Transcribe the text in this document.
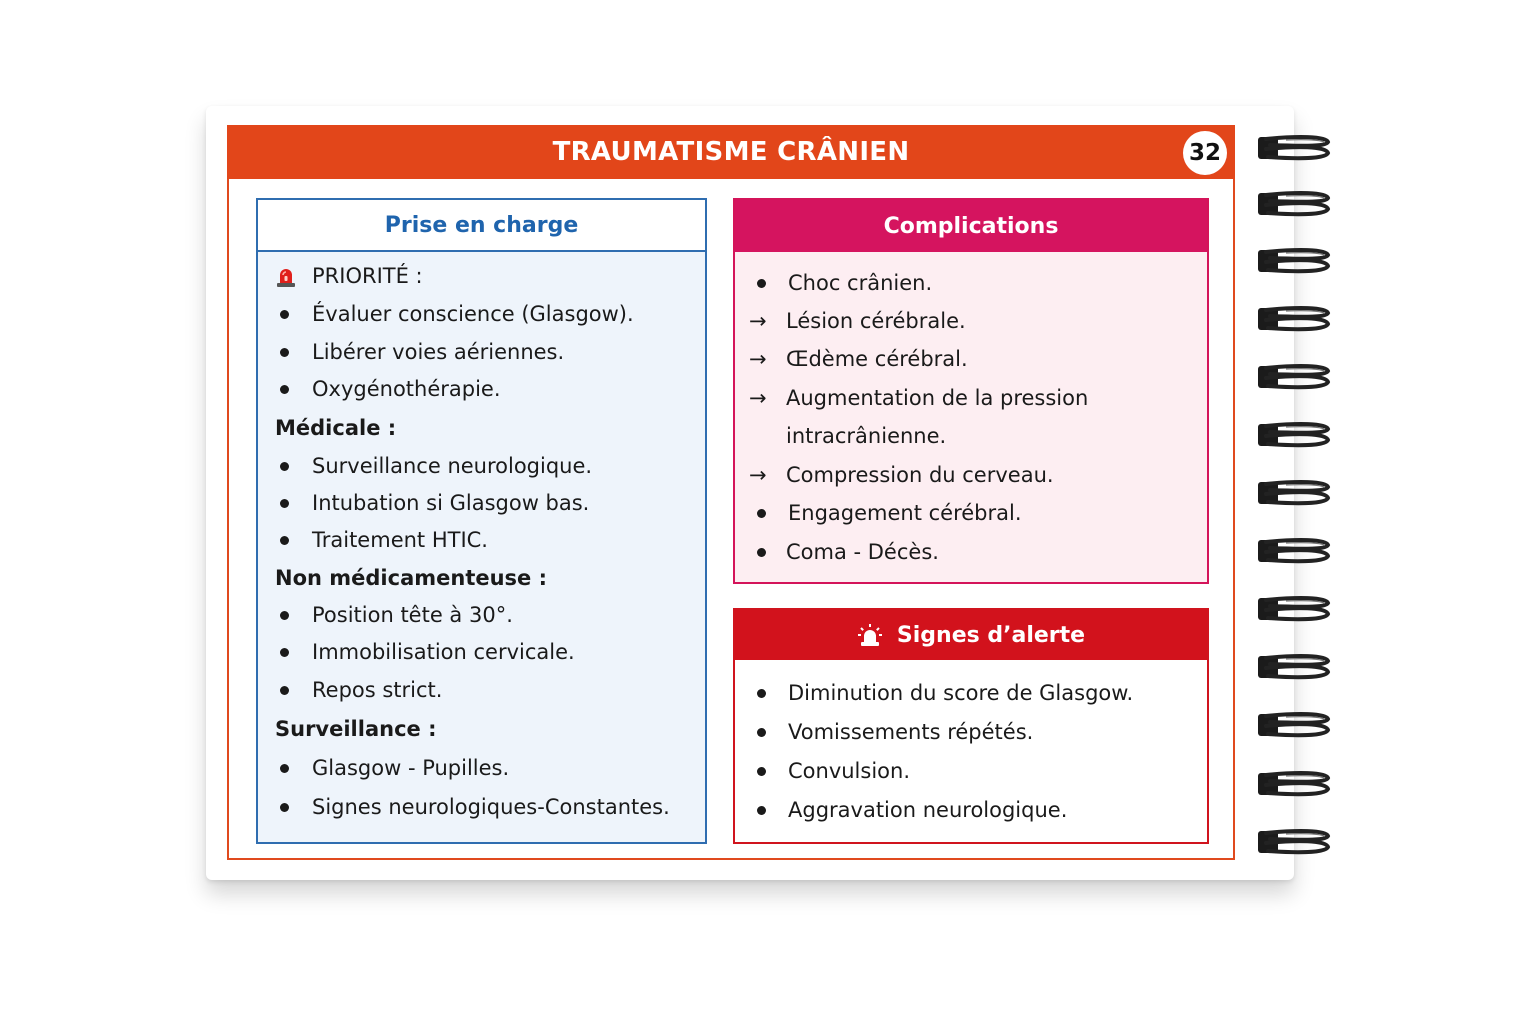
TRAUMATISME CRÂNIEN	32
Prise en charge
PRIORITÉ :
Évaluer conscience (Glasgow).
Libérer voies aériennes.
Oxygénothérapie.
Médicale :
Surveillance neurologique.
Intubation si Glasgow bas.
Traitement HTIC.
Non médicamenteuse :
Position tête à 30°.
Immobilisation cervicale.
Repos strict.
Surveillance :
Glasgow - Pupilles.
Signes neurologiques-Constantes.
Complications
Choc crânien.
→ Lésion cérébrale.
→ Œdème cérébral.
→ Augmentation de la pression
intracrânienne.
→ Compression du cerveau.
Engagement cérébral.
Coma - Décès.
Signes d’alerte
Diminution du score de Glasgow.
Vomissements répétés.
Convulsion.
Aggravation neurologique.
